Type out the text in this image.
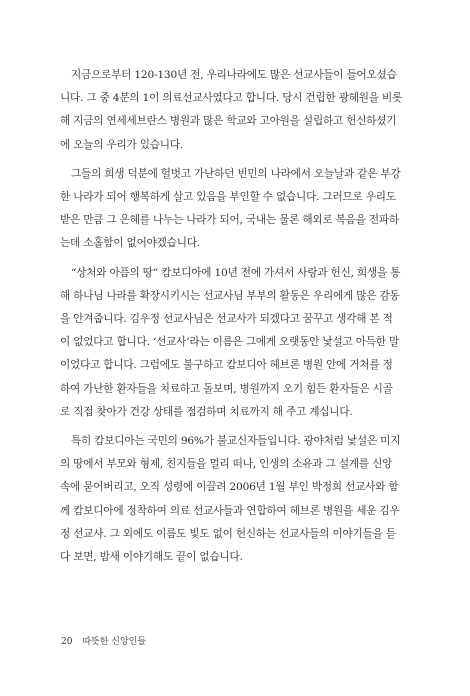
지금으로부터 120-130년 전, 우리나라에도 많은 선교사들이 들어오셨습
니다. 그 중 4분의 1이 의료선교사였다고 합니다. 당시 건립한 광혜원을 비롯
해 지금의 연세세브란스 병원과 많은 학교와 고아원을 설립하고 헌신하셨기
에 오늘의 우리가 있습니다.

그들의 희생 덕분에 헐벗고 가난하던 빈민의 나라에서 오늘날과 같은 부강
한 나라가 되어 행복하게 살고 있음을 부인할 수 없습니다. 그러므로 우리도
받은 만큼 그 은혜를 나누는 나라가 되어, 국내는 물론 해외로 복음을 전파하
는데 소홀함이 없어야겠습니다.

“상처와 아픔의 땅” 캄보디아에 10년 전에 가셔서 사랑과 헌신, 희생을 통
해 하나님 나라를 확장시키시는 선교사님 부부의 활동은 우리에게 많은 감동
을 안겨줍니다. 김우정 선교사님은 선교사가 되겠다고 꿈꾸고 생각해 본 적
이 없었다고 합니다. ‘선교사’라는 이름은 그에게 오랫동안 낯설고 아득한 말
이었다고 합니다. 그럼에도 불구하고 캄보디아 헤브론 병원 안에 거처를 정
하여 가난한 환자들을 치료하고 돌보며, 병원까지 오기 힘든 환자들은 시골
로 직접 찾아가 건강 상태를 점검하며 치료까지 해 주고 계십니다.

특히 캄보디아는 국민의 96%가 불교신자들입니다. 광야처럼 낯설은 미지
의 땅에서 부모와 형제, 친지들을 멀리 떠나, 인생의 소유과 그 설계를 신앙
속에 묻어버리고, 오직 성령에 이끌려 2006년 1월 부인 박정희 선교사와 함
께 캄보디아에 정착하여 의료 선교사들과 연합하여 헤브론 병원을 세운 김우
정 선교사. 그 외에도 이름도 빛도 없이 헌신하는 선교사들의 이야기들을 듣
다 보면, 밤새 이야기해도 끝이 없습니다.

20 따뜻한 신앙인들
